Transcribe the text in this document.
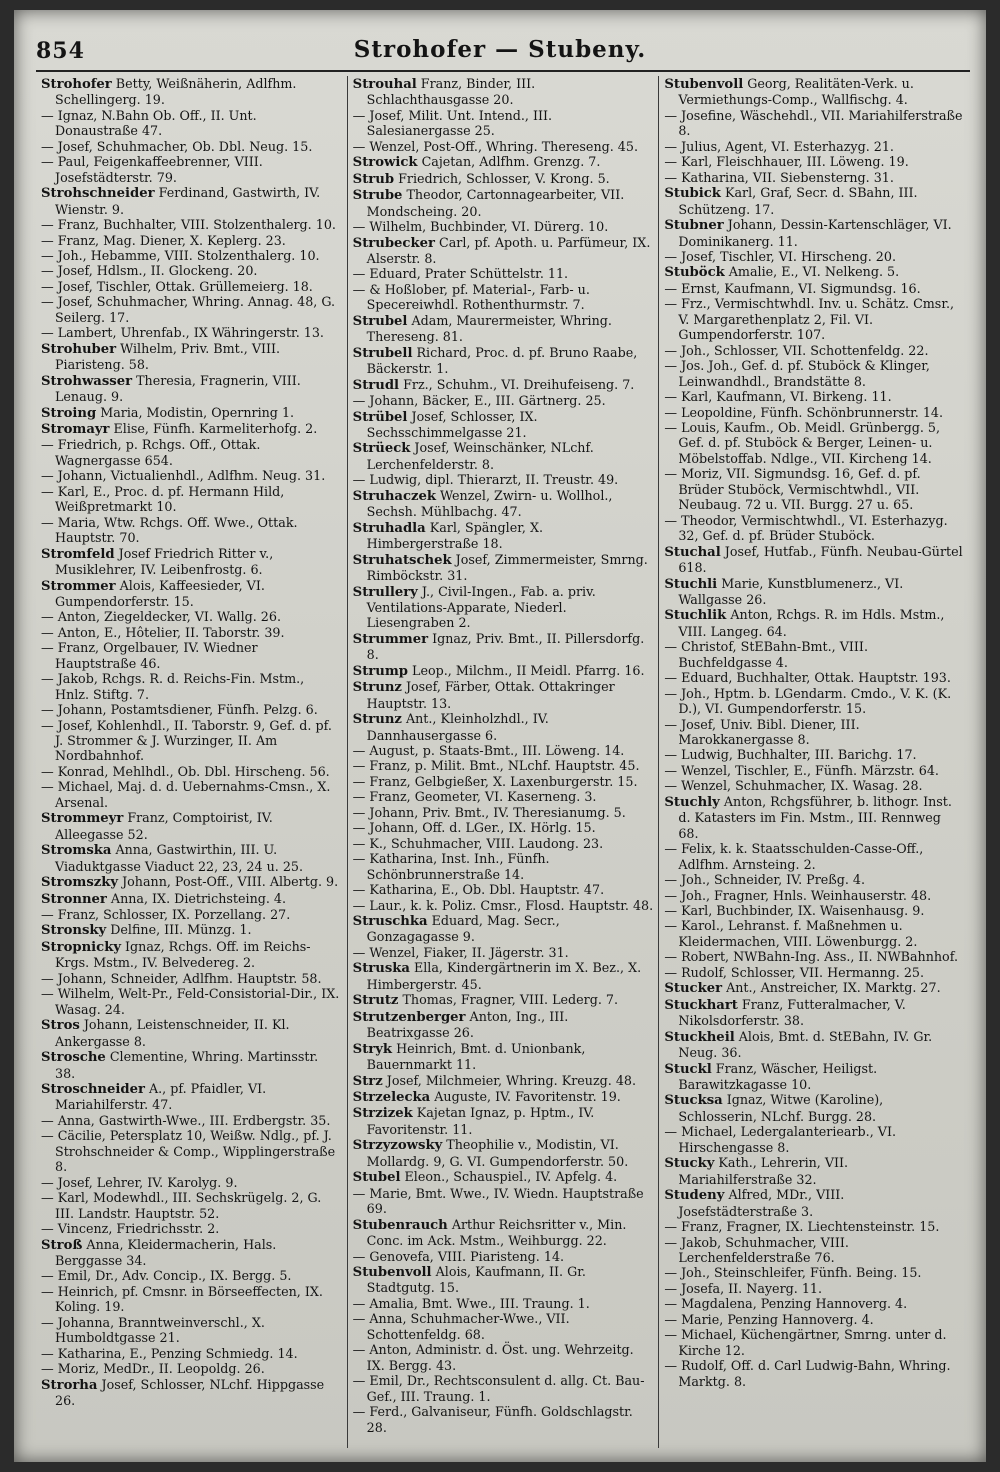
854	Strohofer — Stubeny.

Strohofer Betty, Weißnäherin, Adlfhm. Schellingerg. 19.

— Ignaz, N.Bahn Ob. Off., II. Unt. Donaustraße 47.

— Josef, Schuhmacher, Ob. Dbl. Neug. 15.

— Paul, Feigenkaffeebrenner, VIII. Josefstädterstr. 79.

Strohschneider Ferdinand, Gastwirth, IV. Wienstr. 9.

— Franz, Buchhalter, VIII. Stolzenthalerg. 10.

— Franz, Mag. Diener, X. Keplerg. 23.

— Joh., Hebamme, VIII. Stolzenthalerg. 10.

— Josef, Hdlsm., II. Glockeng. 20.

— Josef, Tischler, Ottak. Grüllemeierg. 18.

— Josef, Schuhmacher, Whring. Annag. 48, G. Seilerg. 17.

— Lambert, Uhrenfab., IX Währingerstr. 13.

Strohuber Wilhelm, Priv. Bmt., VIII. Piaristeng. 58.

Strohwasser Theresia, Fragnerin, VIII. Lenaug. 9.

Stroing Maria, Modistin, Opernring 1.

Stromayr Elise, Fünfh. Karmeliterhofg. 2.

— Friedrich, p. Rchgs. Off., Ottak. Wagnergasse 654.

— Johann, Victualienhdl., Adlfhm. Neug. 31.

— Karl, E., Proc. d. pf. Hermann Hild, Weißpretmarkt 10.

— Maria, Wtw. Rchgs. Off. Wwe., Ottak. Hauptstr. 70.

Stromfeld Josef Friedrich Ritter v., Musiklehrer, IV. Leibenfrostg. 6.

Strommer Alois, Kaffeesieder, VI. Gumpendorferstr. 15.

— Anton, Ziegeldecker, VI. Wallg. 26.

— Anton, E., Hôtelier, II. Taborstr. 39.

— Franz, Orgelbauer, IV. Wiedner Hauptstraße 46.

— Jakob, Rchgs. R. d. Reichs-Fin. Mstm., Hnlz. Stiftg. 7.

— Johann, Postamtsdiener, Fünfh. Pelzg. 6.

— Josef, Kohlenhdl., II. Taborstr. 9, Gef. d. pf. J. Strommer & J. Wurzinger, II. Am Nordbahnhof.

— Konrad, Mehlhdl., Ob. Dbl. Hirscheng. 56.

— Michael, Maj. d. d. Uebernahms-Cmsn., X. Arsenal.

Strommeyr Franz, Comptoirist, IV. Alleegasse 52.

Stromska Anna, Gastwirthin, III. U. Viaduktgasse Viaduct 22, 23, 24 u. 25.

Stromszky Johann, Post-Off., VIII. Albertg. 9.

Stronner Anna, IX. Dietrichsteing. 4.

— Franz, Schlosser, IX. Porzellang. 27.

Stronsky Delfine, III. Münzg. 1.

Stropnicky Ignaz, Rchgs. Off. im Reichs-Krgs. Mstm., IV. Belvedereg. 2.

— Johann, Schneider, Adlfhm. Hauptstr. 58.

— Wilhelm, Welt-Pr., Feld-Consistorial-Dir., IX. Wasag. 24.

Stros Johann, Leistenschneider, II. Kl. Ankergasse 8.

Strosche Clementine, Whring. Martinsstr. 38.

Stroschneider A., pf. Pfaidler, VI. Mariahilferstr. 47.

— Anna, Gastwirth-Wwe., III. Erdbergstr. 35.

— Cäcilie, Petersplatz 10, Weißw. Ndlg., pf. J. Strohschneider & Comp., Wipplingerstraße 8.

— Josef, Lehrer, IV. Karolyg. 9.

— Karl, Modewhdl., III. Sechskrügelg. 2, G. III. Landstr. Hauptstr. 52.

— Vincenz, Friedrichsstr. 2.

Stroß Anna, Kleidermacherin, Hals. Berggasse 34.

— Emil, Dr., Adv. Concip., IX. Bergg. 5.

— Heinrich, pf. Cmsnr. in Börseeffecten, IX. Koling. 19.

— Johanna, Branntweinverschl., X. Humboldtgasse 21.

— Katharina, E., Penzing Schmiedg. 14.

— Moriz, MedDr., II. Leopoldg. 26.

Strorha Josef, Schlosser, NLchf. Hippgasse 26.

Strouhal Franz, Binder, III. Schlachthausgasse 20.

— Josef, Milit. Unt. Intend., III. Salesianergasse 25.

— Wenzel, Post-Off., Whring. Thereseng. 45.

Strowick Cajetan, Adlfhm. Grenzg. 7.

Strub Friedrich, Schlosser, V. Krong. 5.

Strube Theodor, Cartonnagearbeiter, VII. Mondscheing. 20.

— Wilhelm, Buchbinder, VI. Dürerg. 10.

Strubecker Carl, pf. Apoth. u. Parfümeur, IX. Alserstr. 8.

— Eduard, Prater Schüttelstr. 11.

— & Hoßlober, pf. Material-, Farb- u. Specereiwhdl. Rothenthurmstr. 7.

Strubel Adam, Maurermeister, Whring. Thereseng. 81.

Strubell Richard, Proc. d. pf. Bruno Raabe, Bäckerstr. 1.

Strudl Frz., Schuhm., VI. Dreihufeiseng. 7.

— Johann, Bäcker, E., III. Gärtnerg. 25.

Strübel Josef, Schlosser, IX. Sechsschimmelgasse 21.

Strüeck Josef, Weinschänker, NLchf. Lerchenfelderstr. 8.

— Ludwig, dipl. Thierarzt, II. Treustr. 49.

Struhaczek Wenzel, Zwirn- u. Wollhol., Sechsh. Mühlbachg. 47.

Struhadla Karl, Spängler, X. Himbergerstraße 18.

Struhatschek Josef, Zimmermeister, Smrng. Rimböckstr. 31.

Strullery J., Civil-Ingen., Fab. a. priv. Ventilations-Apparate, Niederl. Liesengraben 2.

Strummer Ignaz, Priv. Bmt., II. Pillersdorfg. 8.

Strump Leop., Milchm., II Meidl. Pfarrg. 16.

Strunz Josef, Färber, Ottak. Ottakringer Hauptstr. 13.

Strunz Ant., Kleinholzhdl., IV. Dannhausergasse 6.

— August, p. Staats-Bmt., III. Löweng. 14.

— Franz, p. Milit. Bmt., NLchf. Hauptstr. 45.

— Franz, Gelbgießer, X. Laxenburgerstr. 15.

— Franz, Geometer, VI. Kaserneng. 3.

— Johann, Priv. Bmt., IV. Theresianumg. 5.

— Johann, Off. d. LGer., IX. Hörlg. 15.

— K., Schuhmacher, VIII. Laudong. 23.

— Katharina, Inst. Inh., Fünfh. Schönbrunnerstraße 14.

— Katharina, E., Ob. Dbl. Hauptstr. 47.

— Laur., k. k. Poliz. Cmsr., Flosd. Hauptstr. 48.

Struschka Eduard, Mag. Secr., Gonzagagasse 9.

— Wenzel, Fiaker, II. Jägerstr. 31.

Struska Ella, Kindergärtnerin im X. Bez., X. Himbergerstr. 45.

Strutz Thomas, Fragner, VIII. Lederg. 7.

Strutzenberger Anton, Ing., III. Beatrixgasse 26.

Stryk Heinrich, Bmt. d. Unionbank, Bauernmarkt 11.

Strz Josef, Milchmeier, Whring. Kreuzg. 48.

Strzelecka Auguste, IV. Favoritenstr. 19.

Strzizek Kajetan Ignaz, p. Hptm., IV. Favoritenstr. 11.

Strzyzowsky Theophilie v., Modistin, VI. Mollardg. 9, G. VI. Gumpendorferstr. 50.

Stubel Eleon., Schauspiel., IV. Apfelg. 4.

— Marie, Bmt. Wwe., IV. Wiedn. Hauptstraße 69.

Stubenrauch Arthur Reichsritter v., Min. Conc. im Ack. Mstm., Weihburgg. 22.

— Genovefa, VIII. Piaristeng. 14.

Stubenvoll Alois, Kaufmann, II. Gr. Stadtgutg. 15.

— Amalia, Bmt. Wwe., III. Traung. 1.

— Anna, Schuhmacher-Wwe., VII. Schottenfeldg. 68.

— Anton, Administr. d. Öst. ung. Wehrzeitg. IX. Bergg. 43.

— Emil, Dr., Rechtsconsulent d. allg. Ct. Bau-Gef., III. Traung. 1.

— Ferd., Galvaniseur, Fünfh. Goldschlagstr. 28.

Stubenvoll Georg, Realitäten-Verk. u. Vermiethungs-Comp., Wallfischg. 4.

— Josefine, Wäschehdl., VII. Mariahilferstraße 8.

— Julius, Agent, VI. Esterhazyg. 21.

— Karl, Fleischhauer, III. Löweng. 19.

— Katharina, VII. Siebensterng. 31.

Stubick Karl, Graf, Secr. d. SBahn, III. Schützeng. 17.

Stubner Johann, Dessin-Kartenschläger, VI. Dominikanerg. 11.

— Josef, Tischler, VI. Hirscheng. 20.

Stuböck Amalie, E., VI. Nelkeng. 5.

— Ernst, Kaufmann, VI. Sigmundsg. 16.

— Frz., Vermischtwhdl. Inv. u. Schätz. Cmsr., V. Margarethenplatz 2, Fil. VI. Gumpendorferstr. 107.

— Joh., Schlosser, VII. Schottenfeldg. 22.

— Jos. Joh., Gef. d. pf. Stuböck & Klinger, Leinwandhdl., Brandstätte 8.

— Karl, Kaufmann, VI. Birkeng. 11.

— Leopoldine, Fünfh. Schönbrunnerstr. 14.

— Louis, Kaufm., Ob. Meidl. Grünbergg. 5, Gef. d. pf. Stuböck & Berger, Leinen- u. Möbelstoffab. Ndlge., VII. Kircheng 14.

— Moriz, VII. Sigmundsg. 16, Gef. d. pf. Brüder Stuböck, Vermischtwhdl., VII. Neubaug. 72 u. VII. Burgg. 27 u. 65.

— Theodor, Vermischtwhdl., VI. Esterhazyg. 32, Gef. d. pf. Brüder Stuböck.

Stuchal Josef, Hutfab., Fünfh. Neubau-Gürtel 618.

Stuchli Marie, Kunstblumenerz., VI. Wallgasse 26.

Stuchlik Anton, Rchgs. R. im Hdls. Mstm., VIII. Langeg. 64.

— Christof, StEBahn-Bmt., VIII. Buchfeldgasse 4.

— Eduard, Buchhalter, Ottak. Hauptstr. 193.

— Joh., Hptm. b. LGendarm. Cmdo., V. K. (K. D.), VI. Gumpendorferstr. 15.

— Josef, Univ. Bibl. Diener, III. Marokkanergasse 8.

— Ludwig, Buchhalter, III. Barichg. 17.

— Wenzel, Tischler, E., Fünfh. Märzstr. 64.

— Wenzel, Schuhmacher, IX. Wasag. 28.

Stuchly Anton, Rchgsführer, b. lithogr. Inst. d. Katasters im Fin. Mstm., III. Rennweg 68.

— Felix, k. k. Staatsschulden-Casse-Off., Adlfhm. Arnsteing. 2.

— Joh., Schneider, IV. Preßg. 4.

— Joh., Fragner, Hnls. Weinhauserstr. 48.

— Karl, Buchbinder, IX. Waisenhausg. 9.

— Karol., Lehranst. f. Maßnehmen u. Kleidermachen, VIII. Löwenburgg. 2.

— Robert, NWBahn-Ing. Ass., II. NWBahnhof.

— Rudolf, Schlosser, VII. Hermanng. 25.

Stucker Ant., Anstreicher, IX. Marktg. 27.

Stuckhart Franz, Futteralmacher, V. Nikolsdorferstr. 38.

Stuckheil Alois, Bmt. d. StEBahn, IV. Gr. Neug. 36.

Stuckl Franz, Wäscher, Heiligst. Barawitzkagasse 10.

Stucksa Ignaz, Witwe (Karoline), Schlosserin, NLchf. Burgg. 28.

— Michael, Ledergalanteriearb., VI. Hirschengasse 8.

Stucky Kath., Lehrerin, VII. Mariahilferstraße 32.

Studeny Alfred, MDr., VIII. Josefstädterstraße 3.

— Franz, Fragner, IX. Liechtensteinstr. 15.

— Jakob, Schuhmacher, VIII. Lerchenfelderstraße 76.

— Joh., Steinschleifer, Fünfh. Being. 15.

— Josefa, II. Nayerg. 11.

— Magdalena, Penzing Hannoverg. 4.

— Marie, Penzing Hannoverg. 4.

— Michael, Küchengärtner, Smrng. unter d. Kirche 12.

— Rudolf, Off. d. Carl Ludwig-Bahn, Whring. Marktg. 8.
